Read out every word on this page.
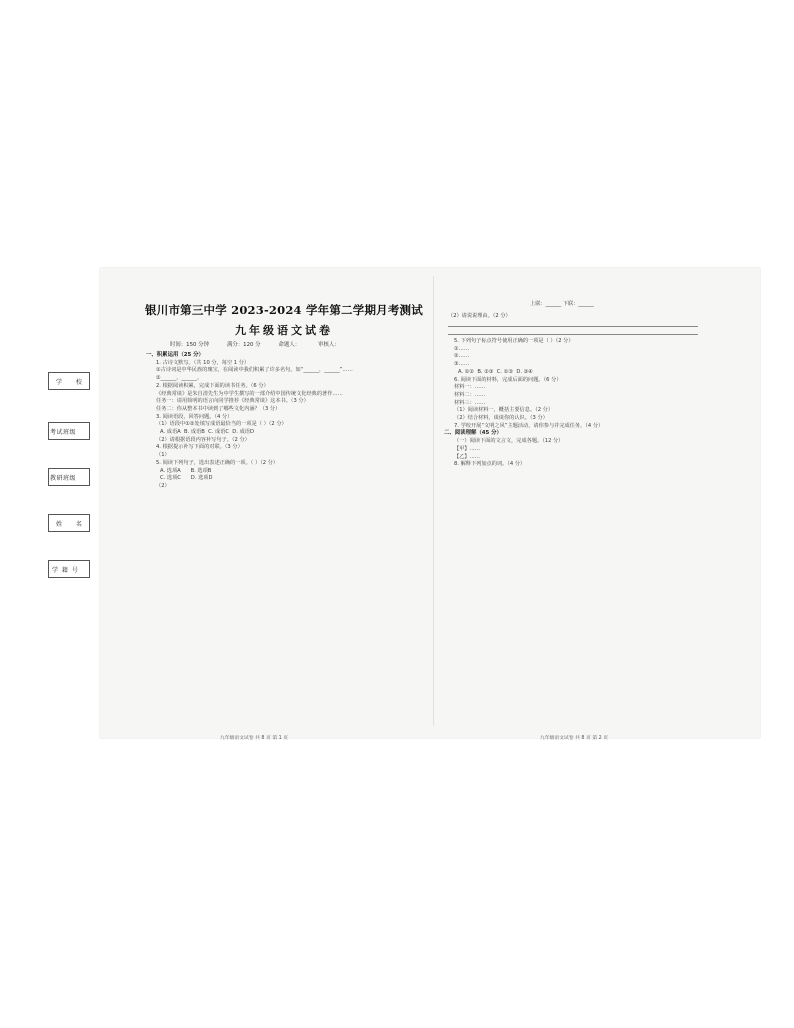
学 校
考试班级
教研班级
姓 名
学 籍 号
银川市第三中学 2023-2024 学年第二学期月考测试
九年级语文试卷
时间：150 分钟	满分：120 分	命题人：	审核人：
一、积累运用（25 分）
1. 古诗文默写。（共 10 分，每空 1 分）
①古诗词是中华民族的瑰宝，在阅读中我们积累了许多名句。如“______，______”……
②______，______。
2. 根据阅读积累，完成下面的读书任务。（6 分）
《经典常谈》是朱自清先生为中学生撰写的一部介绍中国传统文化经典的著作……
任务一：请用简明的语言向同学推荐《经典常谈》这本书。（3 分）
任务二：你从整本书中读到了哪些文化内涵？（3 分）
3. 阅读语段，回答问题。（4 分）
（1）语段中①②处填写成语最恰当的一项是（ ）（2 分）
A. 成语A  B. 成语B  C. 成语C  D. 成语D
（2）请根据语段内容补写句子。（2 分）
4. 根据提示补写下面的对联。（3 分）
（1）
5. 阅读下列句子，选出表述正确的一项。（ ）（2 分）
A. 选项A      B. 选项B
C. 选项C      D. 选项D
（2）
上联：______ 下联：______
（2）请说说理由。（2 分）
5. 下列句子标点符号使用正确的一项是（ ）（2 分）
①……
②……
③……
A. ①②  B. ②③  C. ①③  D. ③④
6. 阅读下面的材料，完成后面的问题。（6 分）
材料一：……
材料二：……
材料三：……
（1）阅读材料一，概括主要信息。（2 分）
（2）结合材料，谈谈你的认识。（3 分）
7. 学校开展“文明之风”主题活动，请你参与并完成任务。（4 分）
二、阅读理解（45 分）
（一）阅读下面的文言文，完成各题。（12 分）
【甲】……
【乙】……
8. 解释下列加点的词。（4 分）
九年级语文试卷 共 8 页 第 1 页	九年级语文试卷 共 8 页 第 2 页
